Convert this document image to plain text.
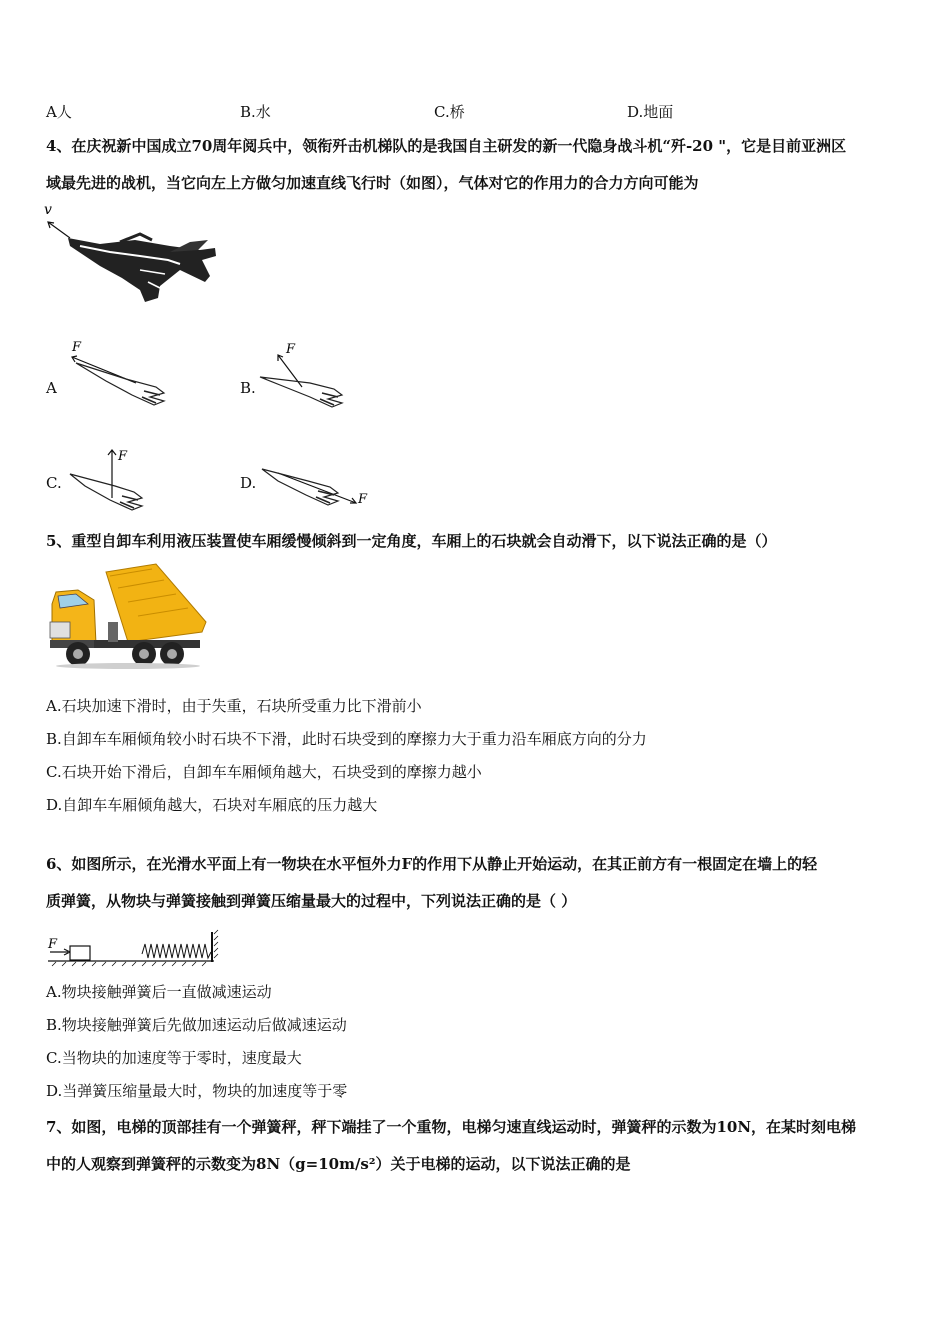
A人	B.水	C.桥	D.地面
4、在庆祝新中国成立70周年阅兵中，领衔歼击机梯队的是我国自主研发的新一代隐身战斗机“歼-20 "，它是目前亚洲区
域最先进的战机，当它向左上方做匀加速直线飞行时（如图），气体对它的作用力的合力方向可能为
v
F
A
F
B.
F
C.
F
D.
5、重型自卸车利用液压装置使车厢缓慢倾斜到一定角度，车厢上的石块就会自动滑下，以下说法正确的是（）
A.石块加速下滑时，由于失重，石块所受重力比下滑前小
B.自卸车车厢倾角较小时石块不下滑，此时石块受到的摩擦力大于重力沿车厢底方向的分力
C.石块开始下滑后，自卸车车厢倾角越大，石块受到的摩擦力越小
D.自卸车车厢倾角越大，石块对车厢底的压力越大
6、如图所示，在光滑水平面上有一物块在水平恒外力F的作用下从静止开始运动，在其正前方有一根固定在墙上的轻
质弹簧，从物块与弹簧接触到弹簧压缩量最大的过程中，下列说法正确的是（ ）
F
A.物块接触弹簧后一直做减速运动
B.物块接触弹簧后先做加速运动后做减速运动
C.当物块的加速度等于零时，速度最大
D.当弹簧压缩量最大时，物块的加速度等于零
7、如图，电梯的顶部挂有一个弹簧秤，秤下端挂了一个重物，电梯匀速直线运动时，弹簧秤的示数为10N，在某时刻电梯
中的人观察到弹簧秤的示数变为8N（g=10m/s²）关于电梯的运动，以下说法正确的是
